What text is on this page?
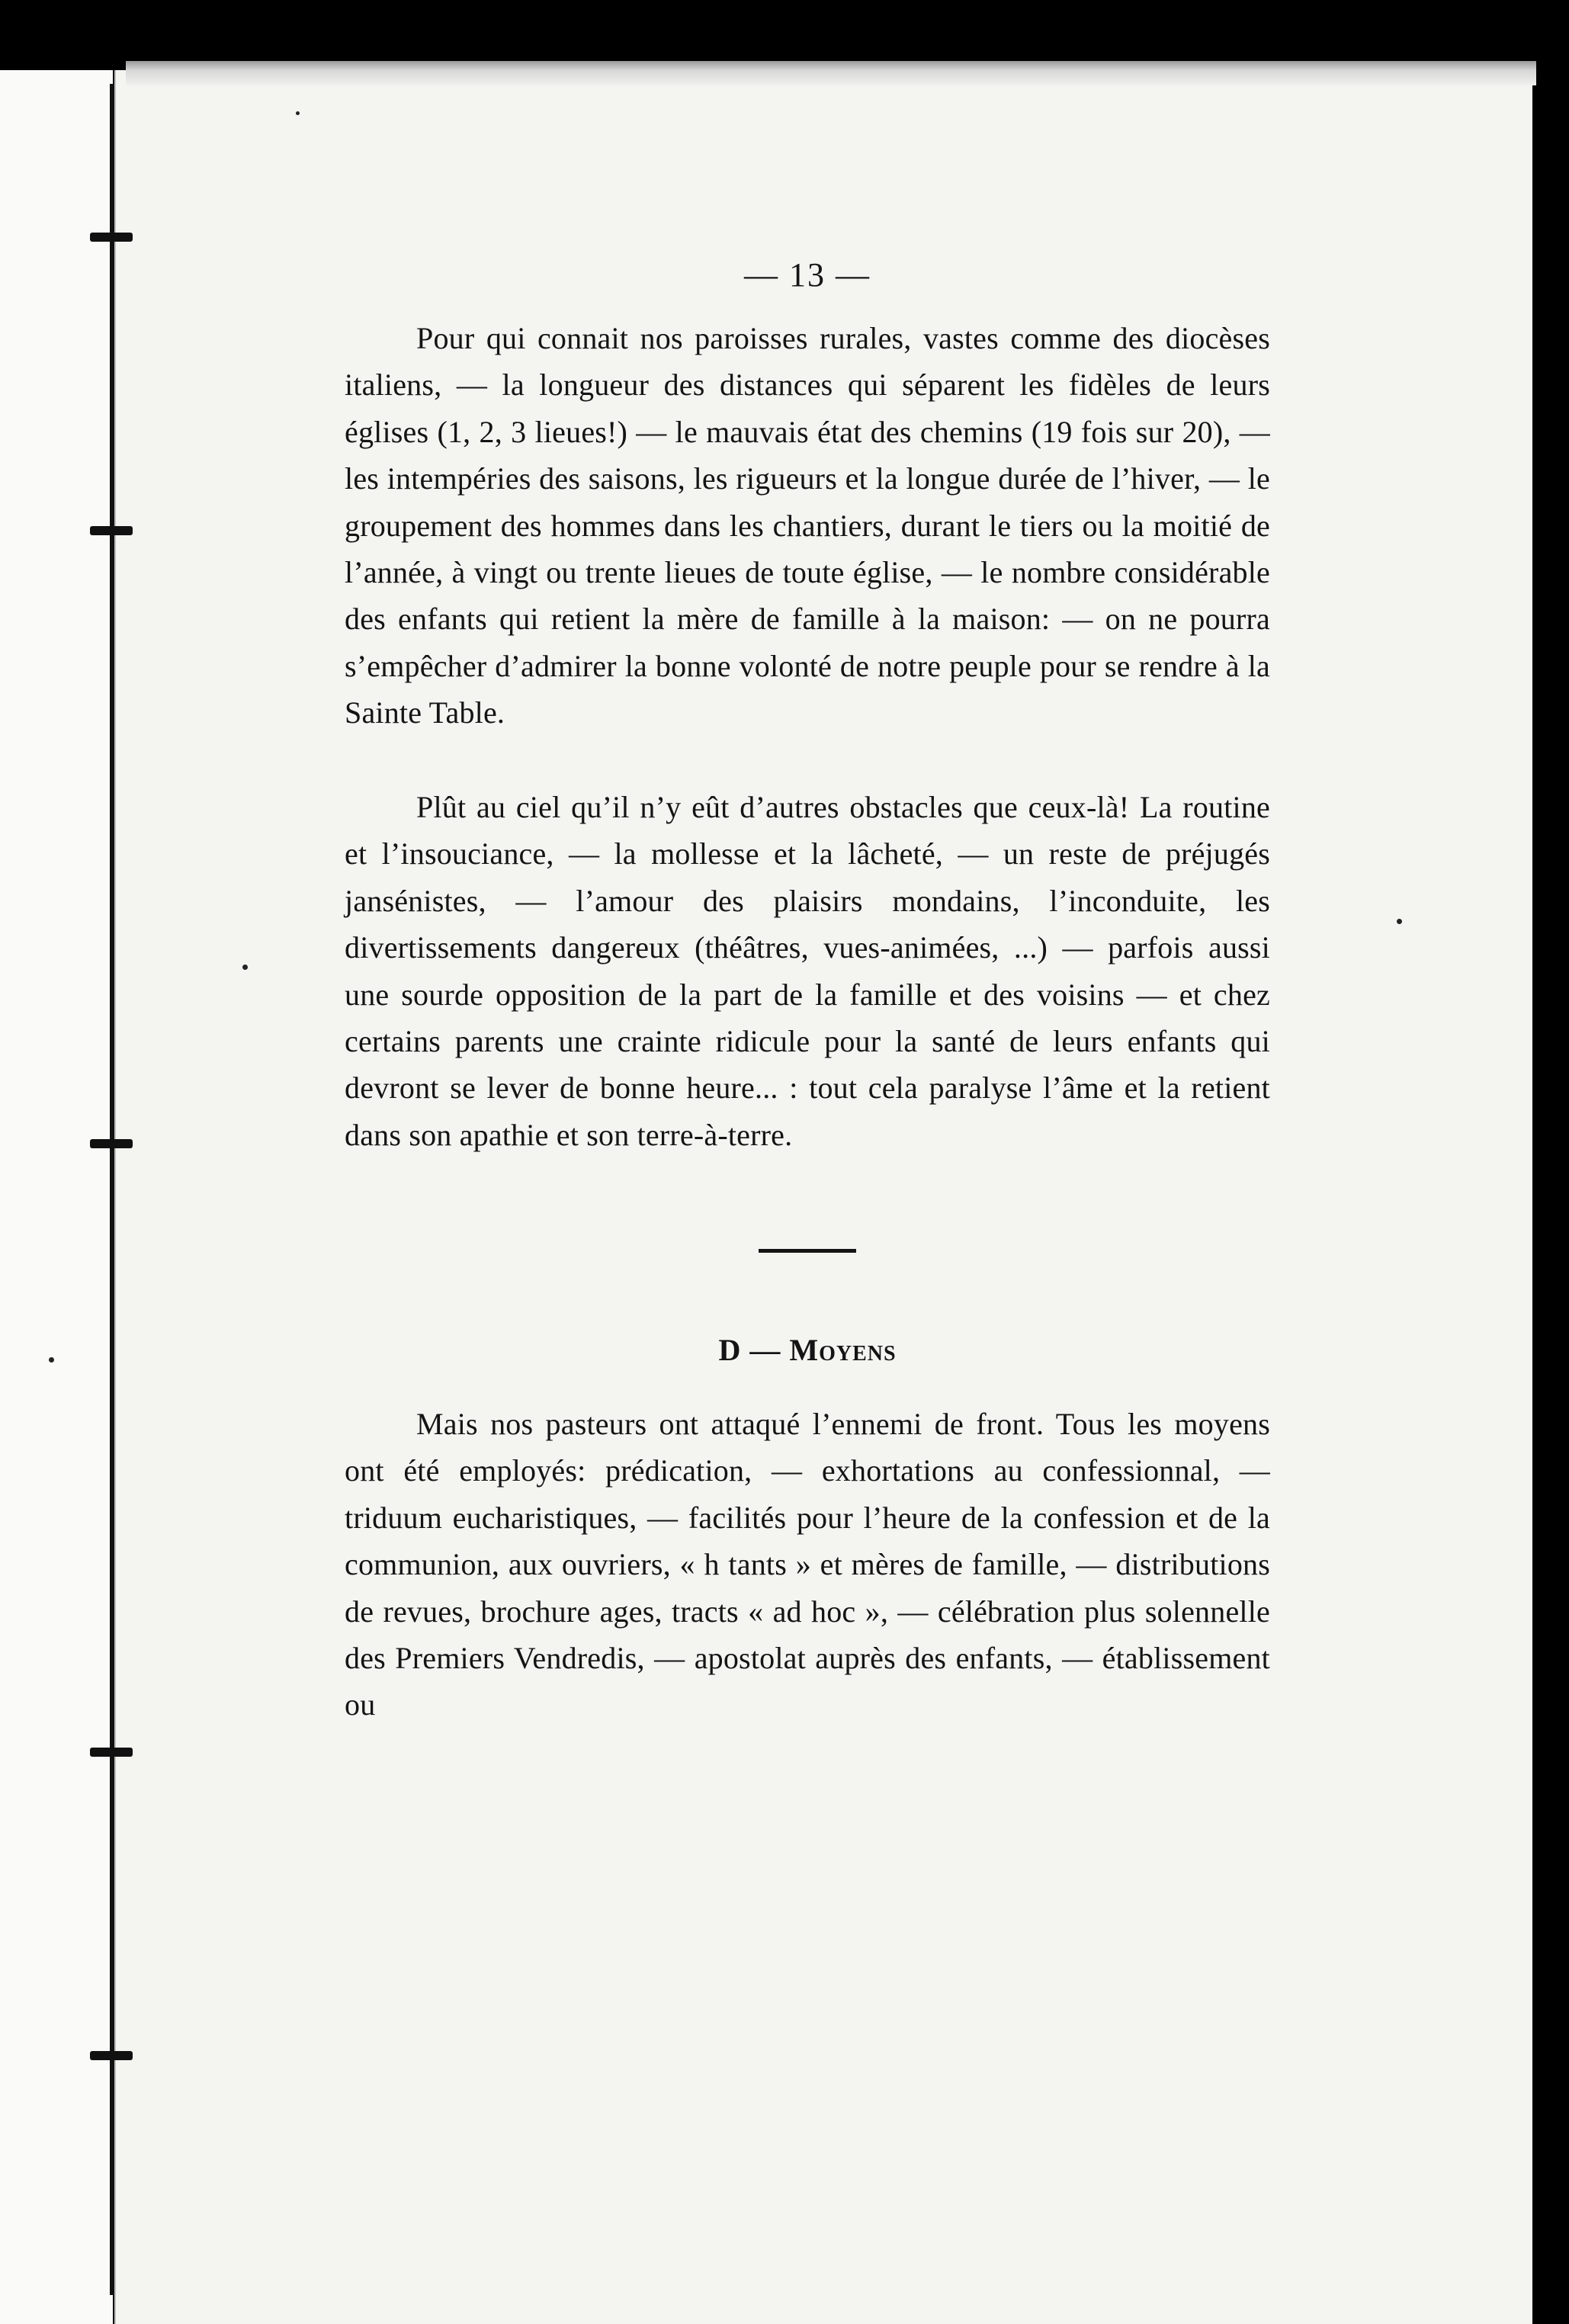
— 13 —

Pour qui connait nos paroisses rurales, vastes comme des diocèses italiens, — la longueur des distances qui séparent les fidèles de leurs églises (1, 2, 3 lieues!) — le mauvais état des chemins (19 fois sur 20), — les intempéries des saisons, les rigueurs et la longue durée de l’hiver, — le groupement des hommes dans les chantiers, durant le tiers ou la moitié de l’année, à vingt ou trente lieues de toute église, — le nombre considérable des enfants qui retient la mère de famille à la maison: — on ne pourra s’empêcher d’admirer la bonne volonté de notre peuple pour se rendre à la Sainte Table.

Plût au ciel qu’il n’y eût d’autres obstacles que ceux-là! La routine et l’insouciance, — la mollesse et la lâcheté, — un reste de préjugés jansénistes, — l’amour des plaisirs mondains, l’inconduite, les divertissements dangereux (théâtres, vues-animées, ...) — parfois aussi une sourde opposition de la part de la famille et des voisins — et chez certains parents une crainte ridicule pour la santé de leurs enfants qui devront se lever de bonne heure... : tout cela paralyse l’âme et la retient dans son apathie et son terre-à-terre.

D — Moyens

Mais nos pasteurs ont attaqué l’ennemi de front. Tous les moyens ont été employés: prédication, — exhortations au confessionnal, — triduum eucharistiques, — facilités pour l’heure de la confession et de la communion, aux ouvriers, « h tants » et mères de famille, — distributions de revues, brochure ages, tracts « ad hoc », — célébration plus solennelle des Premiers Vendredis, — apostolat auprès des enfants, — établissement ou
